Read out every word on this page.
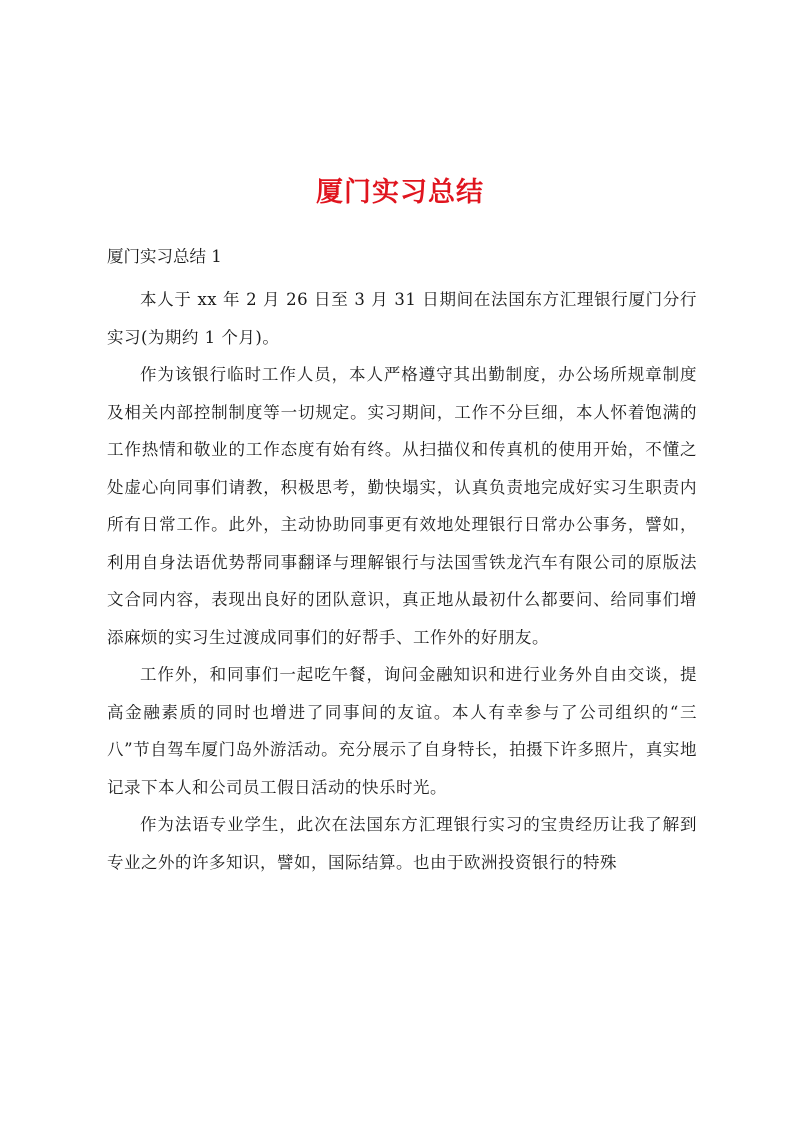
厦门实习总结
厦门实习总结 1

本人于 xx 年 2 月 26 日至 3 月 31 日期间在法国东方汇理银行厦门分行实习(为期约 1 个月)。

作为该银行临时工作人员，本人严格遵守其出勤制度，办公场所规章制度及相关内部控制制度等一切规定。实习期间，工作不分巨细，本人怀着饱满的工作热情和敬业的工作态度有始有终。从扫描仪和传真机的使用开始，不懂之处虚心向同事们请教，积极思考，勤快塌实，认真负责地完成好实习生职责内所有日常工作。此外，主动协助同事更有效地处理银行日常办公事务，譬如，利用自身法语优势帮同事翻译与理解银行与法国雪铁龙汽车有限公司的原版法文合同内容，表现出良好的团队意识，真正地从最初什么都要问、给同事们增添麻烦的实习生过渡成同事们的好帮手、工作外的好朋友。

工作外，和同事们一起吃午餐，询问金融知识和进行业务外自由交谈，提高金融素质的同时也增进了同事间的友谊。本人有幸参与了公司组织的“三八”节自驾车厦门岛外游活动。充分展示了自身特长，拍摄下许多照片，真实地记录下本人和公司员工假日活动的快乐时光。

作为法语专业学生，此次在法国东方汇理银行实习的宝贵经历让我了解到专业之外的许多知识，譬如，国际结算。也由于欧洲投资银行的特殊
